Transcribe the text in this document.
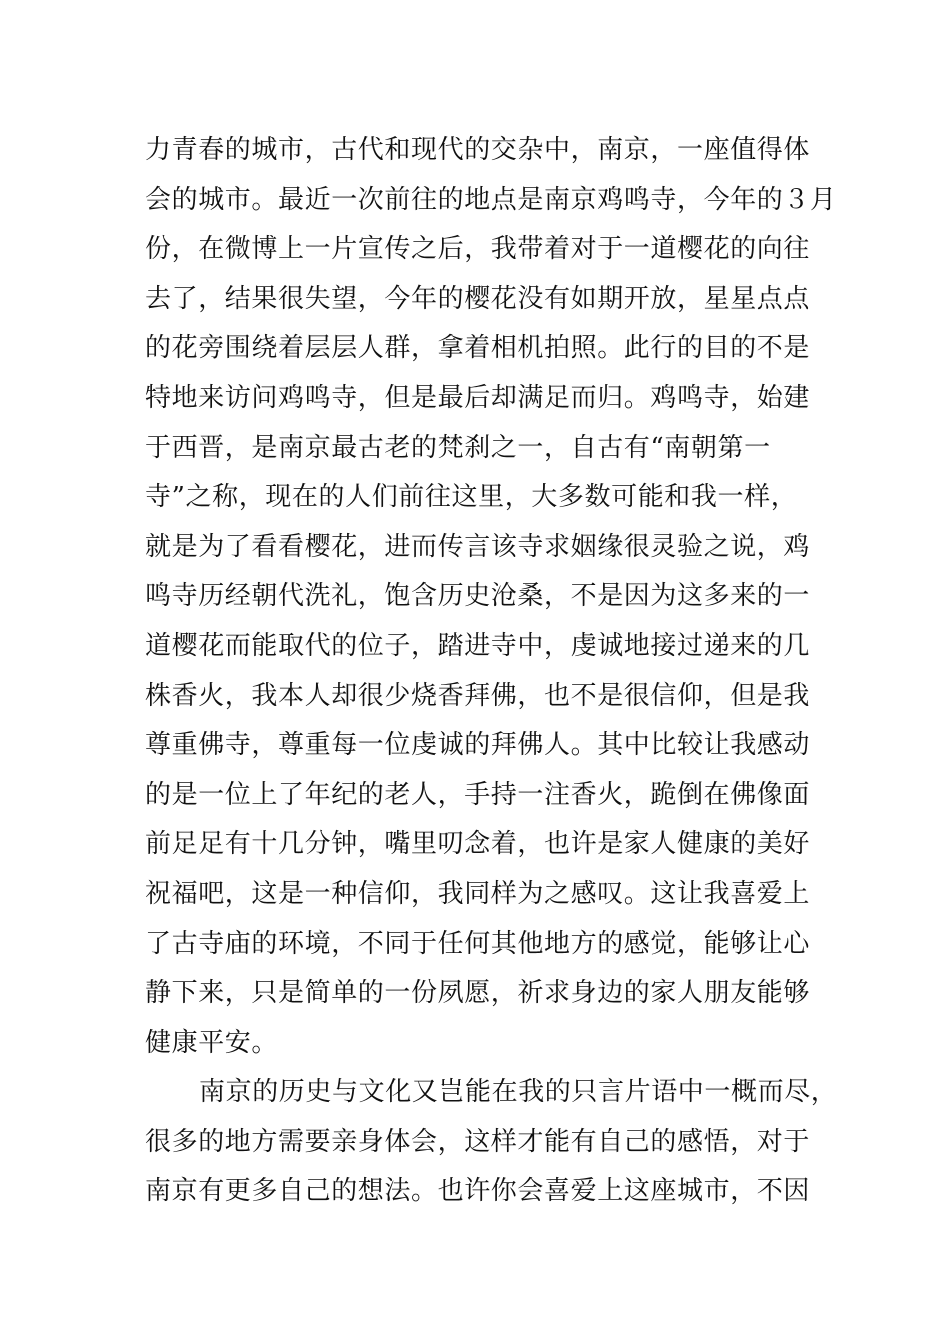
力青春的城市，古代和现代的交杂中，南京，一座值得体
会的城市。最近一次前往的地点是南京鸡鸣寺，今年的３月
份，在微博上一片宣传之后，我带着对于一道樱花的向往
去了，结果很失望，今年的樱花没有如期开放，星星点点
的花旁围绕着层层人群，拿着相机拍照。此行的目的不是
特地来访问鸡鸣寺，但是最后却满足而归。鸡鸣寺，始建
于西晋，是南京最古老的梵刹之一，自古有“南朝第一
寺”之称，现在的人们前往这里，大多数可能和我一样，
就是为了看看樱花，进而传言该寺求姻缘很灵验之说，鸡
鸣寺历经朝代洗礼，饱含历史沧桑，不是因为这多来的一
道樱花而能取代的位子，踏进寺中，虔诚地接过递来的几
株香火，我本人却很少烧香拜佛，也不是很信仰，但是我
尊重佛寺，尊重每一位虔诚的拜佛人。其中比较让我感动
的是一位上了年纪的老人，手持一注香火，跪倒在佛像面
前足足有十几分钟，嘴里叨念着，也许是家人健康的美好
祝福吧，这是一种信仰，我同样为之感叹。这让我喜爱上
了古寺庙的环境，不同于任何其他地方的感觉，能够让心
静下来，只是简单的一份夙愿，祈求身边的家人朋友能够
健康平安。
南京的历史与文化又岂能在我的只言片语中一概而尽，
很多的地方需要亲身体会，这样才能有自己的感悟，对于
南京有更多自己的想法。也许你会喜爱上这座城市，不因
